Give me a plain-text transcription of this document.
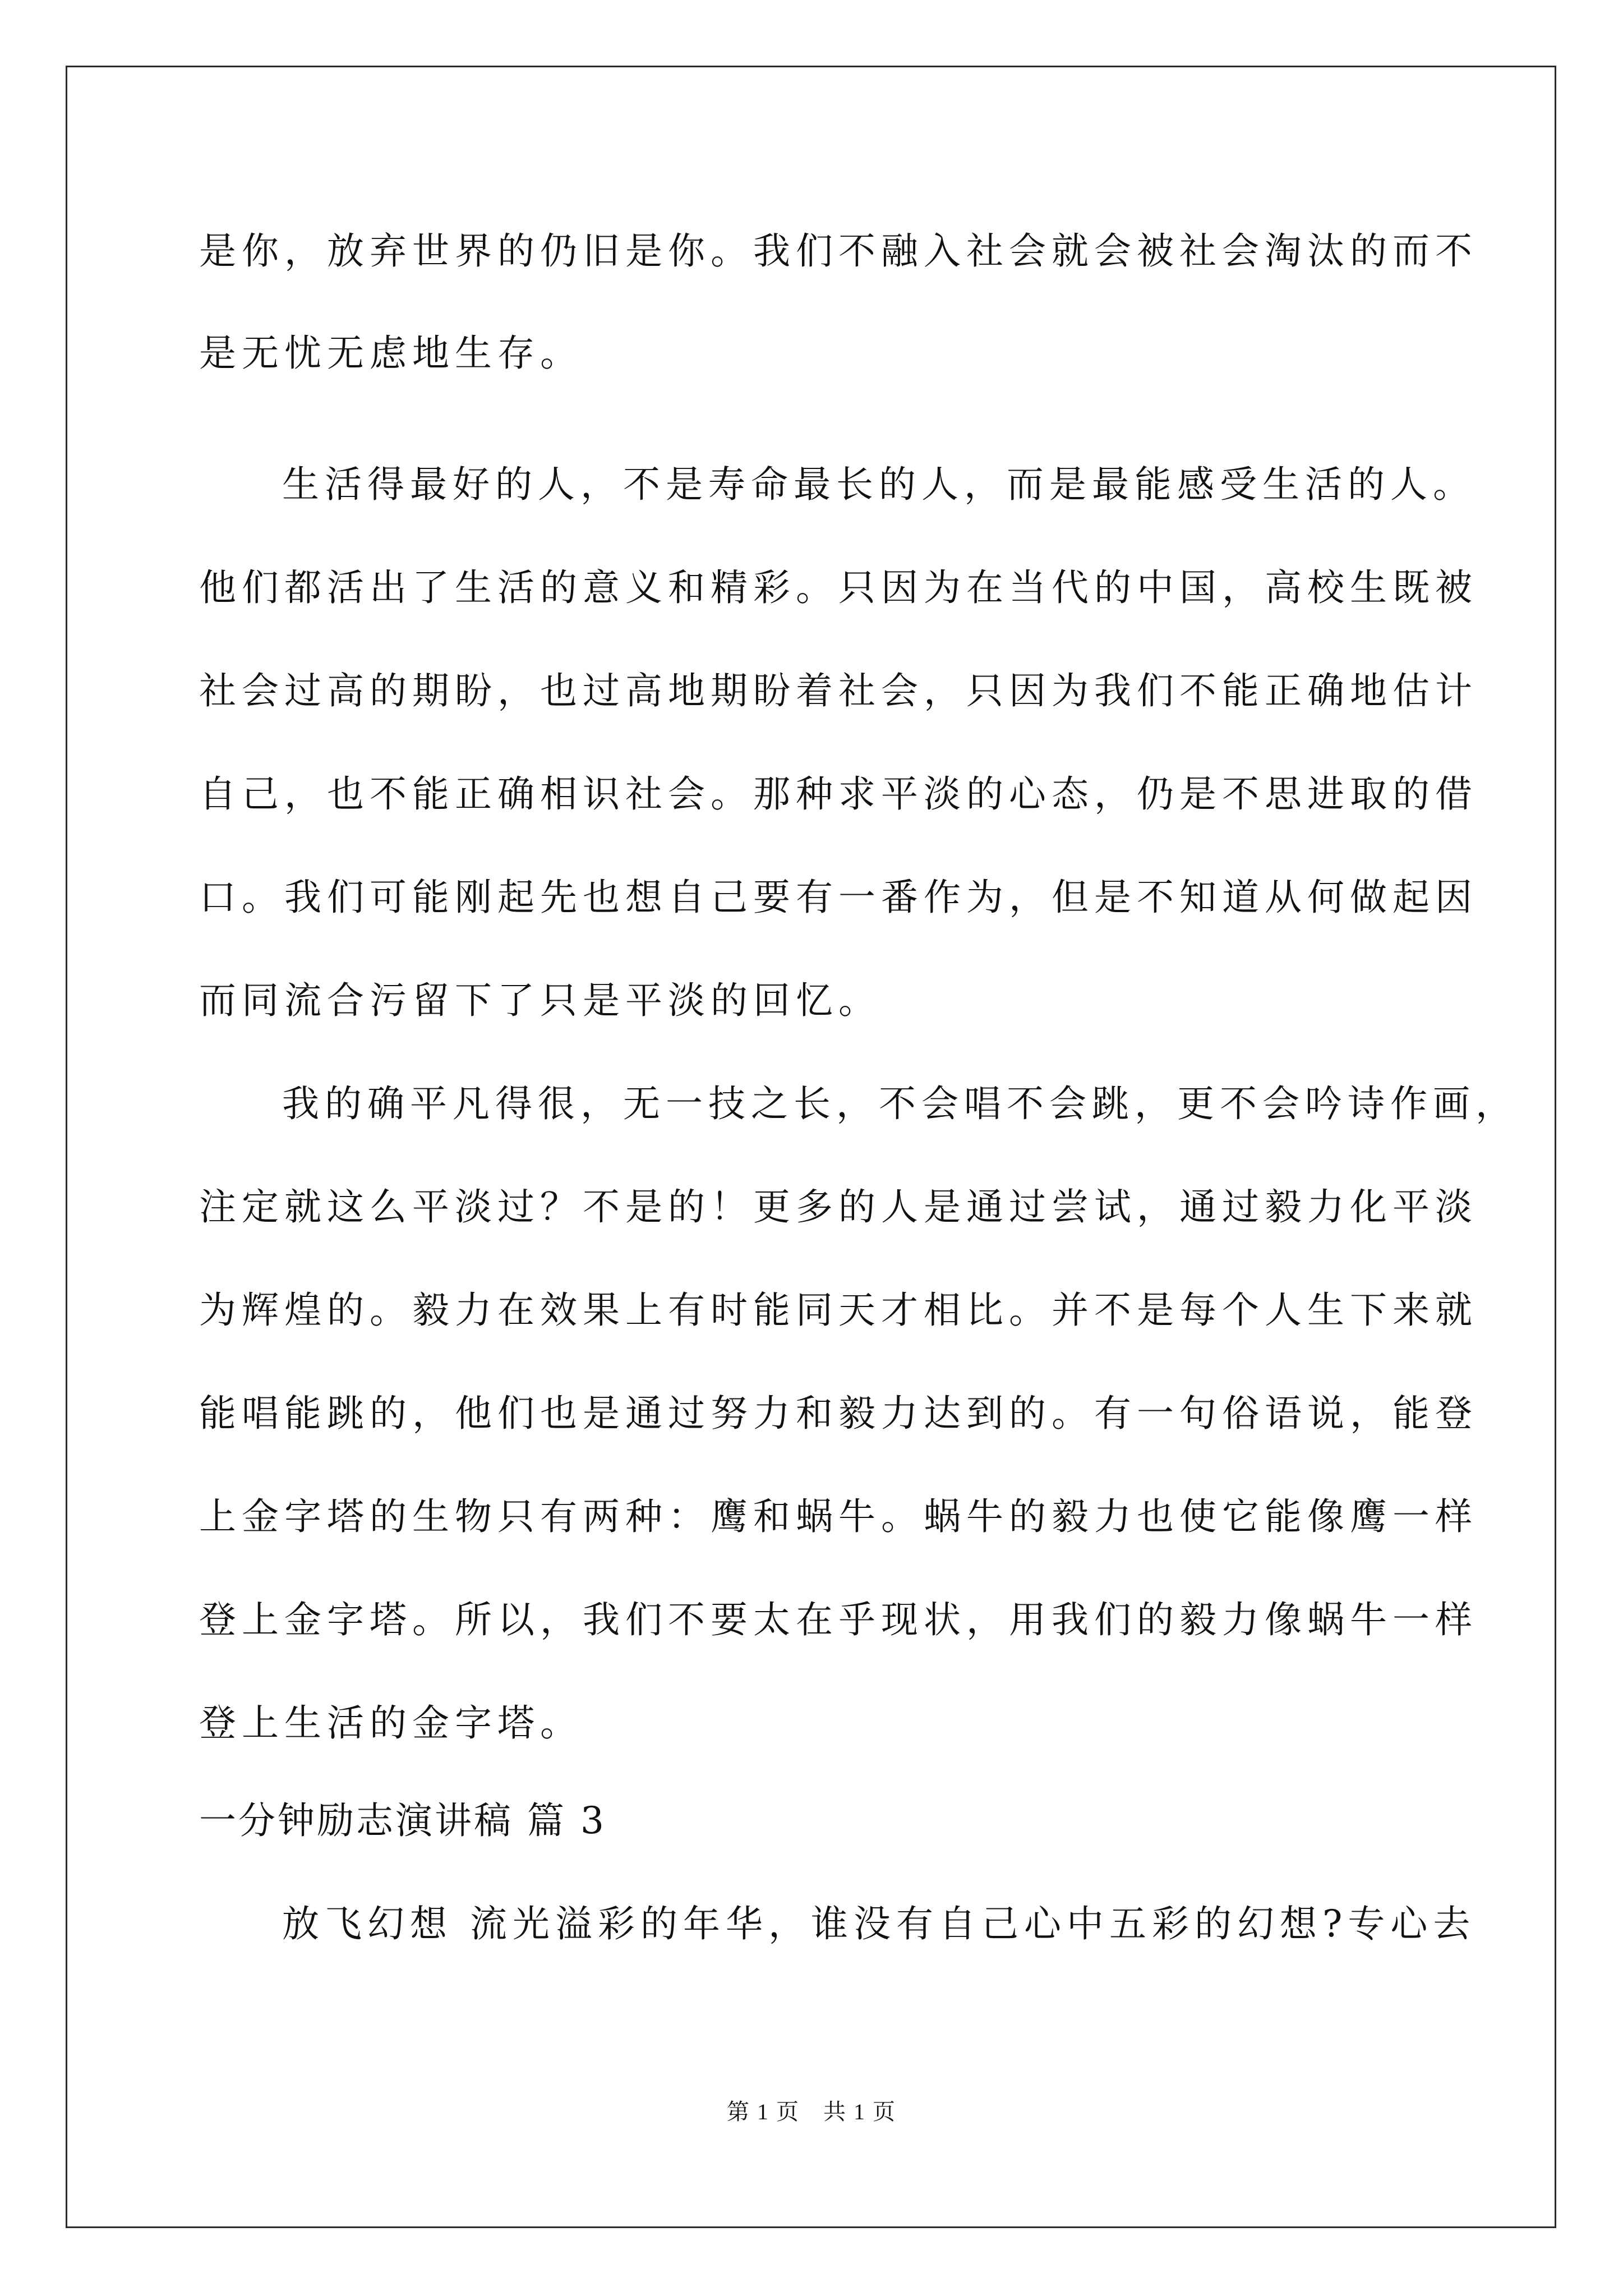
是你，放弃世界的仍旧是你。我们不融入社会就会被社会淘汰的而不
是无忧无虑地生存。
生活得最好的人，不是寿命最长的人，而是最能感受生活的人。
他们都活出了生活的意义和精彩。只因为在当代的中国，高校生既被
社会过高的期盼，也过高地期盼着社会，只因为我们不能正确地估计
自己，也不能正确相识社会。那种求平淡的心态，仍是不思进取的借
口。我们可能刚起先也想自己要有一番作为，但是不知道从何做起因
而同流合污留下了只是平淡的回忆。
我的确平凡得很，无一技之长，不会唱不会跳，更不会吟诗作画，
注定就这么平淡过？不是的！更多的人是通过尝试，通过毅力化平淡
为辉煌的。毅力在效果上有时能同天才相比。并不是每个人生下来就
能唱能跳的，他们也是通过努力和毅力达到的。有一句俗语说，能登
上金字塔的生物只有两种：鹰和蜗牛。蜗牛的毅力也使它能像鹰一样
登上金字塔。所以，我们不要太在乎现状，用我们的毅力像蜗牛一样
登上生活的金字塔。
一分钟励志演讲稿 篇 3
放飞幻想 流光溢彩的年华，谁没有自己心中五彩的幻想?专心去
第 1 页　共 1 页
